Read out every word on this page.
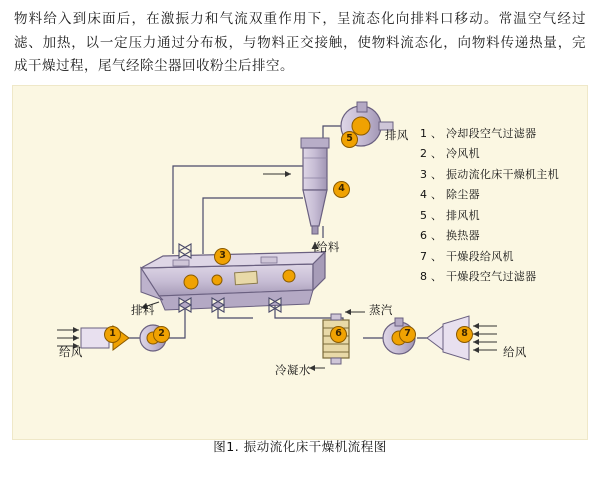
物料给入到床面后，在激振力和气流双重作用下，呈流态化向排料口移动。常温空气经过滤、加热，以一定压力通过分布板，与物料正交接触，使物料流态化，向物料传递热量，完成干燥过程，尾气经除尘器回收粉尘后排空。
1	2
3
4
5
6	7	8
排风
给料
排料
给风
蒸汽
冷凝水
给风
1 、 冷却段空气过滤器
2 、 冷风机
3 、 振动流化床干燥机主机
4 、 除尘器
5 、 排风机
6 、 换热器
7 、 干燥段给风机
8 、 干燥段空气过滤器
图1. 振动流化床干燥机流程图
